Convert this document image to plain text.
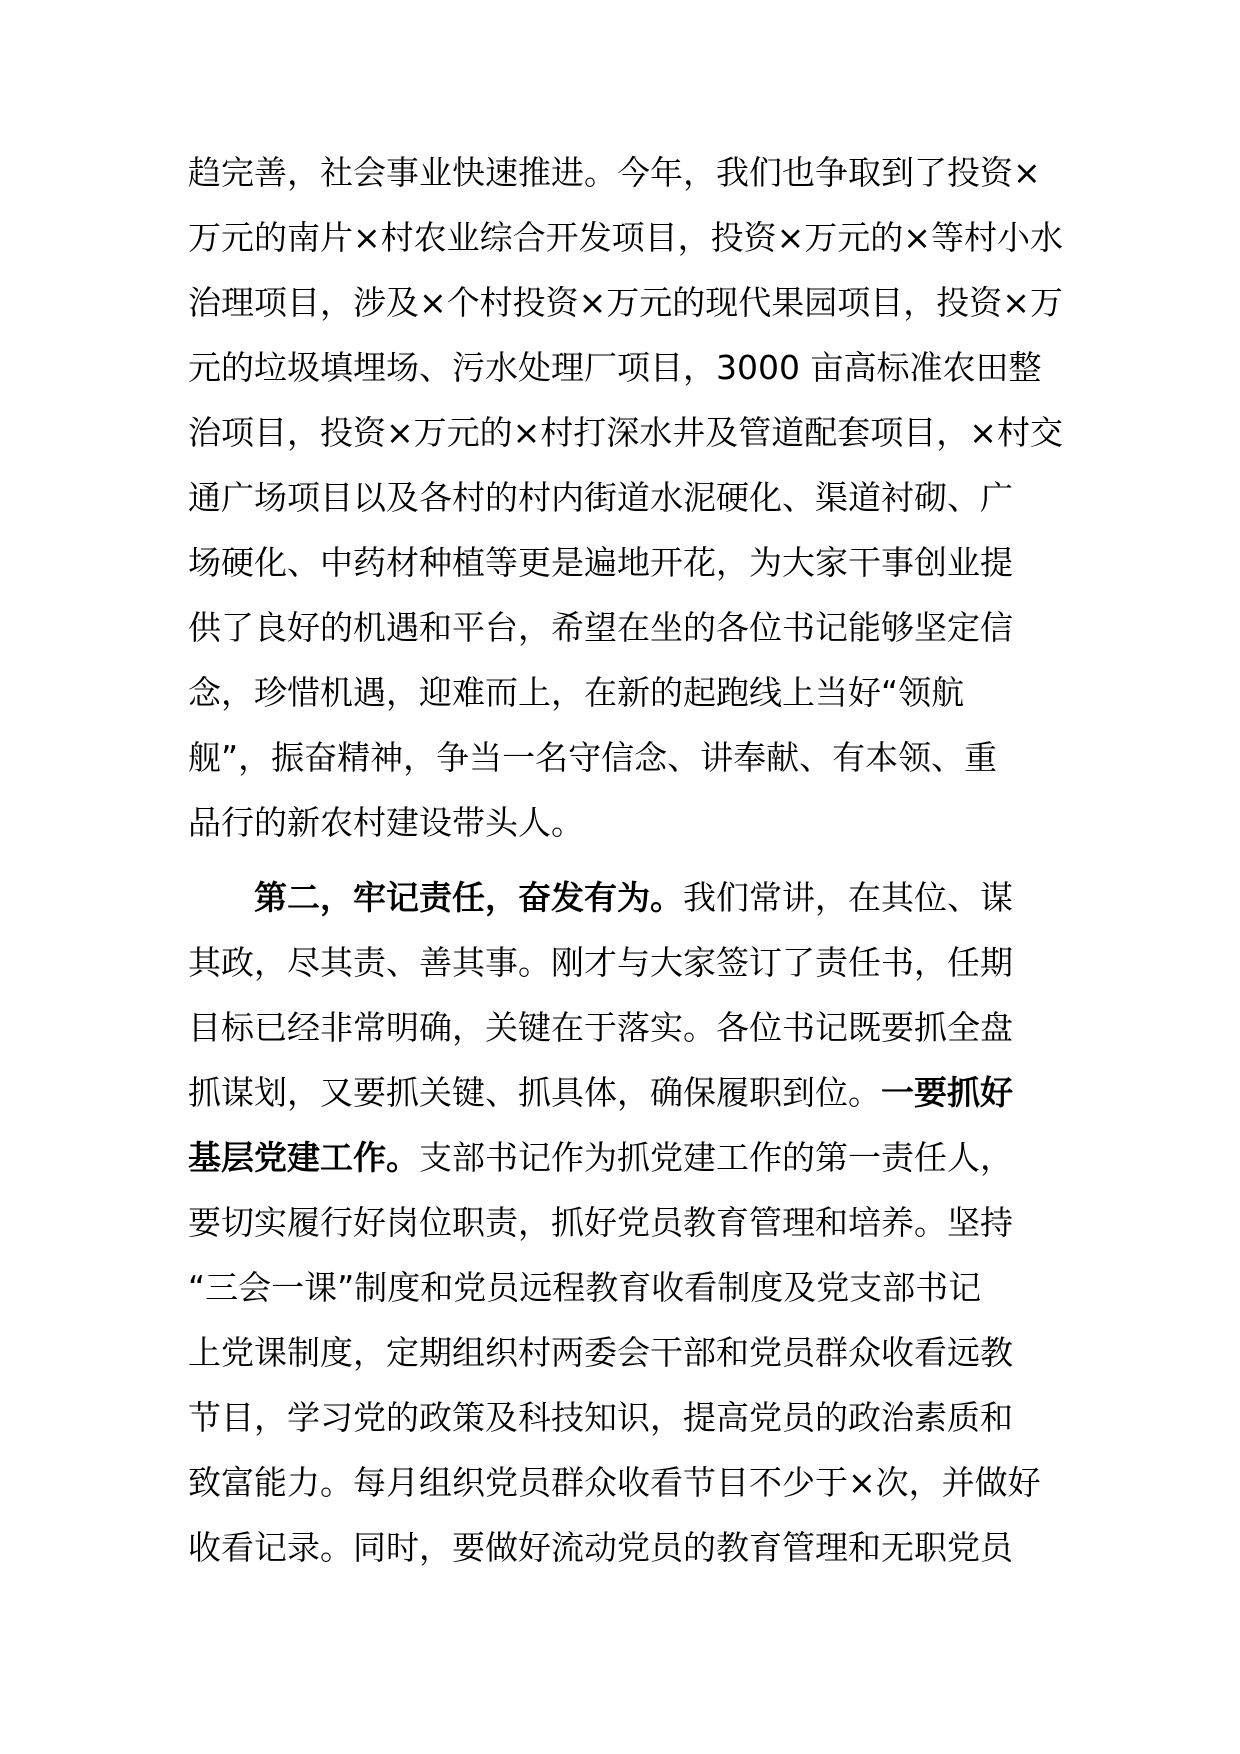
趋完善，社会事业快速推进。今年，我们也争取到了投资×
万元的南片×村农业综合开发项目，投资×万元的×等村小水
治理项目，涉及×个村投资×万元的现代果园项目，投资×万
元的垃圾填埋场、污水处理厂项目，3000 亩高标准农田整
治项目，投资×万元的×村打深水井及管道配套项目，×村交
通广场项目以及各村的村内街道水泥硬化、渠道衬砌、广
场硬化、中药材种植等更是遍地开花，为大家干事创业提
供了良好的机遇和平台，希望在坐的各位书记能够坚定信
念，珍惜机遇，迎难而上，在新的起跑线上当好“领航
舰”，振奋精神，争当一名守信念、讲奉献、有本领、重
品行的新农村建设带头人。
第二，牢记责任，奋发有为。我们常讲，在其位、谋
其政，尽其责、善其事。刚才与大家签订了责任书，任期
目标已经非常明确，关键在于落实。各位书记既要抓全盘
抓谋划，又要抓关键、抓具体，确保履职到位。一要抓好
基层党建工作。支部书记作为抓党建工作的第一责任人，
要切实履行好岗位职责，抓好党员教育管理和培养。坚持
“三会一课”制度和党员远程教育收看制度及党支部书记
上党课制度，定期组织村两委会干部和党员群众收看远教
节目，学习党的政策及科技知识，提高党员的政治素质和
致富能力。每月组织党员群众收看节目不少于×次，并做好
收看记录。同时，要做好流动党员的教育管理和无职党员
